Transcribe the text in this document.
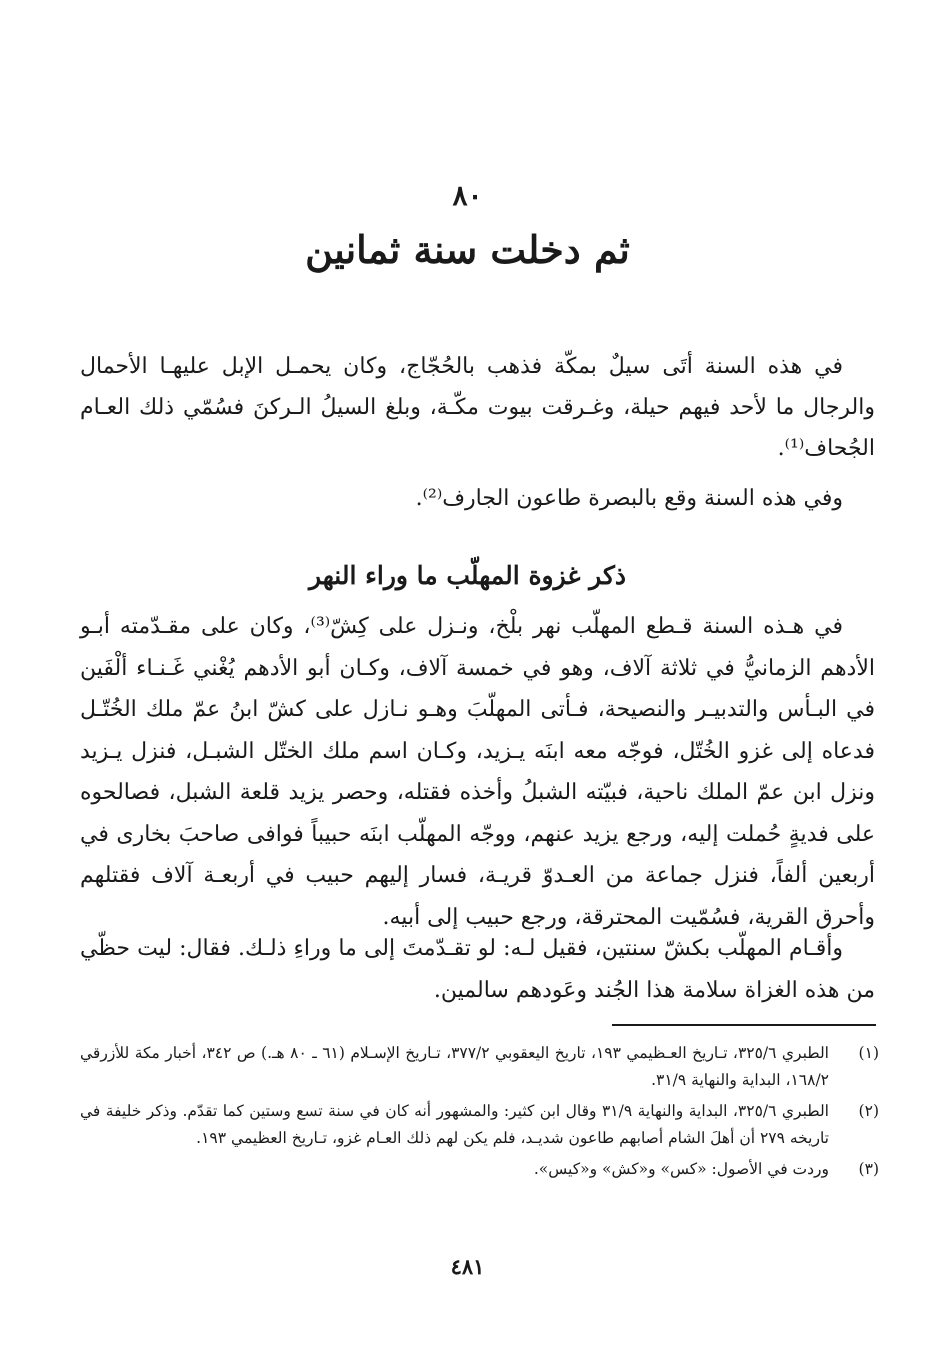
٨٠
ثم دخلت سنة ثمانين

في هذه السنة أتَى سيلٌ بمكّة فذهب بالحُجّاج، وكان يحمـل الإبل عليهـا الأحمال والرجال ما لأحد فيهم حيلة، وغـرقت بيوت مكّـة، وبلغ السيلُ الـركنَ فسُمّي ذلك العـام الجُحاف⁽¹⁾.

وفي هذه السنة وقع بالبصرة طاعون الجارف⁽²⁾.

ذكر غزوة المهلّب ما وراء النهر

في هـذه السنة قـطع المهلّب نهر بلْخ، ونـزل على كِشّ⁽³⁾، وكان على مقـدّمته أبـو الأدهم الزمانيُّ في ثلاثة آلاف، وهو في خمسة آلاف، وكـان أبو الأدهم يُغْني غَـنـاء ألْفَين في البـأس والتدبيـر والنصيحة، فـأتى المهلّبَ وهـو نـازل على كشّ ابنُ عمّ ملك الخُتّـل فدعاه إلى غزو الخُتّل، فوجّه معه ابنَه يـزيد، وكـان اسم ملك الختّل الشبـل، فنزل يـزيد ونزل ابن عمّ الملك ناحية، فبيّته الشبلُ وأخذه فقتله، وحصر يزيد قلعة الشبل، فصالحوه على فديةٍ حُملت إليه، ورجع يزيد عنهم، ووجّه المهلّب ابنَه حبيباً فوافى صاحبَ بخارى في أربعين ألفاً، فنزل جماعة من العـدوّ قريـة، فسار إليهم حبيب في أربعـة آلاف فقتلهم وأحرق القرية، فسُمّيت المحترقة، ورجع حبيب إلى أبيه.

وأقـام المهلّب بكشّ سنتين، فقيل لـه: لو تقـدّمتَ إلى ما وراءِ ذلـك. فقال: ليت حظّي من هذه الغزاة سلامة هذا الجُند وعَودهم سالمين.

(١)
الطبري ٣٢٥/٦، تـاريخ العـظيمي ١٩٣، تاريخ اليعقوبي ٣٧٧/٢، تـاريخ الإسـلام (٦١ ـ ٨٠ هـ.) ص ٣٤٢، أخبار مكة للأزرقي ١٦٨/٢، البداية والنهاية ٣١/٩.
(٢)
الطبري ٣٢٥/٦، البداية والنهاية ٣١/٩ وقال ابن كثير: والمشهور أنه كان في سنة تسع وستين كما تقدّم. وذكر خليفة في تاريخه ٢٧٩ أن أهلَ الشام أصابهم طاعون شديـد، فلم يكن لهم ذلك العـام غزو، تـاريخ العظيمي ١٩٣.
(٣)
وردت في الأصول: «كس» و«كش» و«كيس».
٤٨١
